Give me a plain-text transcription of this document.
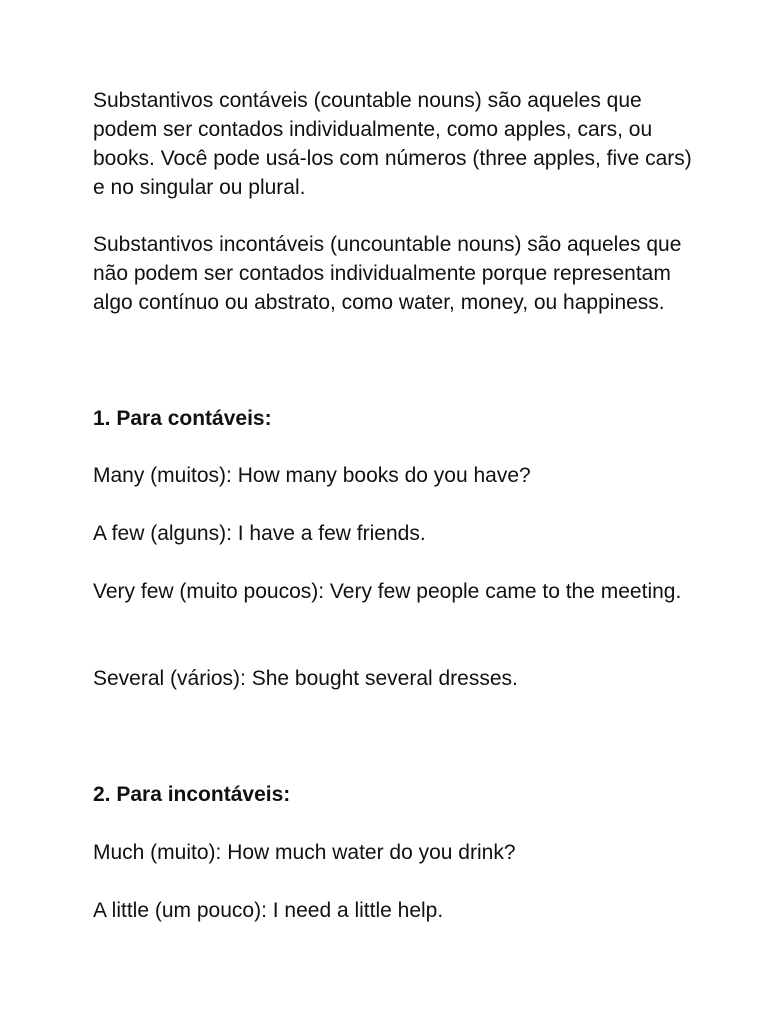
Substantivos contáveis (countable nouns) são aqueles que podem ser contados individualmente, como apples, cars, ou books. Você pode usá-los com números (three apples, five cars) e no singular ou plural.

Substantivos incontáveis (uncountable nouns) são aqueles que não podem ser contados individualmente porque representam algo contínuo ou abstrato, como water, money, ou happiness.

1. Para contáveis:

Many (muitos): How many books do you have?

A few (alguns): I have a few friends.

Very few (muito poucos): Very few people came to the meeting.

Several (vários): She bought several dresses.

2. Para incontáveis:

Much (muito): How much water do you drink?

A little (um pouco): I need a little help.
